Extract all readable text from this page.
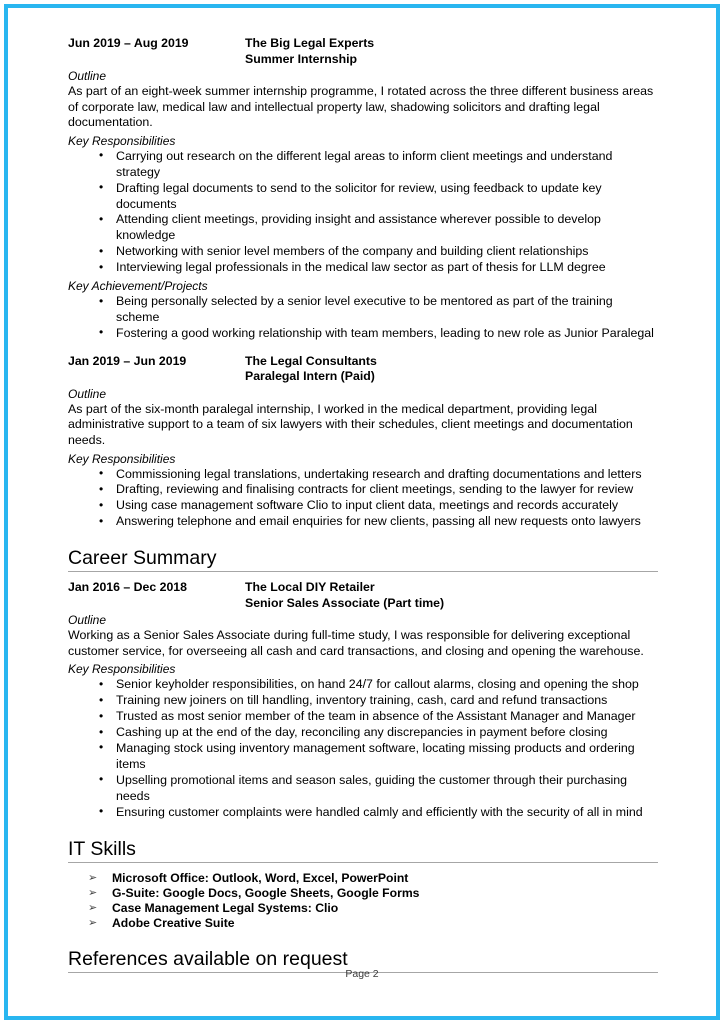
Jun 2019 – Aug 2019	The Big Legal Experts
Summer Internship
Outline

As part of an eight-week summer internship programme, I rotated across the three different business areas of corporate law, medical law and intellectual property law, shadowing solicitors and drafting legal documentation.

Key Responsibilities
• Carrying out research on the different legal areas to inform client meetings and understand strategy
• Drafting legal documents to send to the solicitor for review, using feedback to update key documents
• Attending client meetings, providing insight and assistance wherever possible to develop knowledge
• Networking with senior level members of the company and building client relationships
• Interviewing legal professionals in the medical law sector as part of thesis for LLM degree
Key Achievement/Projects
• Being personally selected by a senior level executive to be mentored as part of the training scheme
• Fostering a good working relationship with team members, leading to new role as Junior Paralegal
Jan 2019 – Jun 2019	The Legal Consultants
Paralegal Intern (Paid)
Outline

As part of the six-month paralegal internship, I worked in the medical department, providing legal administrative support to a team of six lawyers with their schedules, client meetings and documentation needs.

Key Responsibilities
• Commissioning legal translations, undertaking research and drafting documentations and letters
• Drafting, reviewing and finalising contracts for client meetings, sending to the lawyer for review
• Using case management software Clio to input client data, meetings and records accurately
• Answering telephone and email enquiries for new clients, passing all new requests onto lawyers
Career Summary
Jan 2016 – Dec 2018	The Local DIY Retailer
Senior Sales Associate (Part time)
Outline

Working as a Senior Sales Associate during full-time study, I was responsible for delivering exceptional customer service, for overseeing all cash and card transactions, and closing and opening the warehouse.

Key Responsibilities
• Senior keyholder responsibilities, on hand 24/7 for callout alarms, closing and opening the shop
• Training new joiners on till handling, inventory training, cash, card and refund transactions
• Trusted as most senior member of the team in absence of the Assistant Manager and Manager
• Cashing up at the end of the day, reconciling any discrepancies in payment before closing
• Managing stock using inventory management software, locating missing products and ordering items
• Upselling promotional items and season sales, guiding the customer through their purchasing needs
• Ensuring customer complaints were handled calmly and efficiently with the security of all in mind
IT Skills
➢ Microsoft Office: Outlook, Word, Excel, PowerPoint
➢ G-Suite: Google Docs, Google Sheets, Google Forms
➢ Case Management Legal Systems: Clio
➢ Adobe Creative Suite
References available on request
Page 2
